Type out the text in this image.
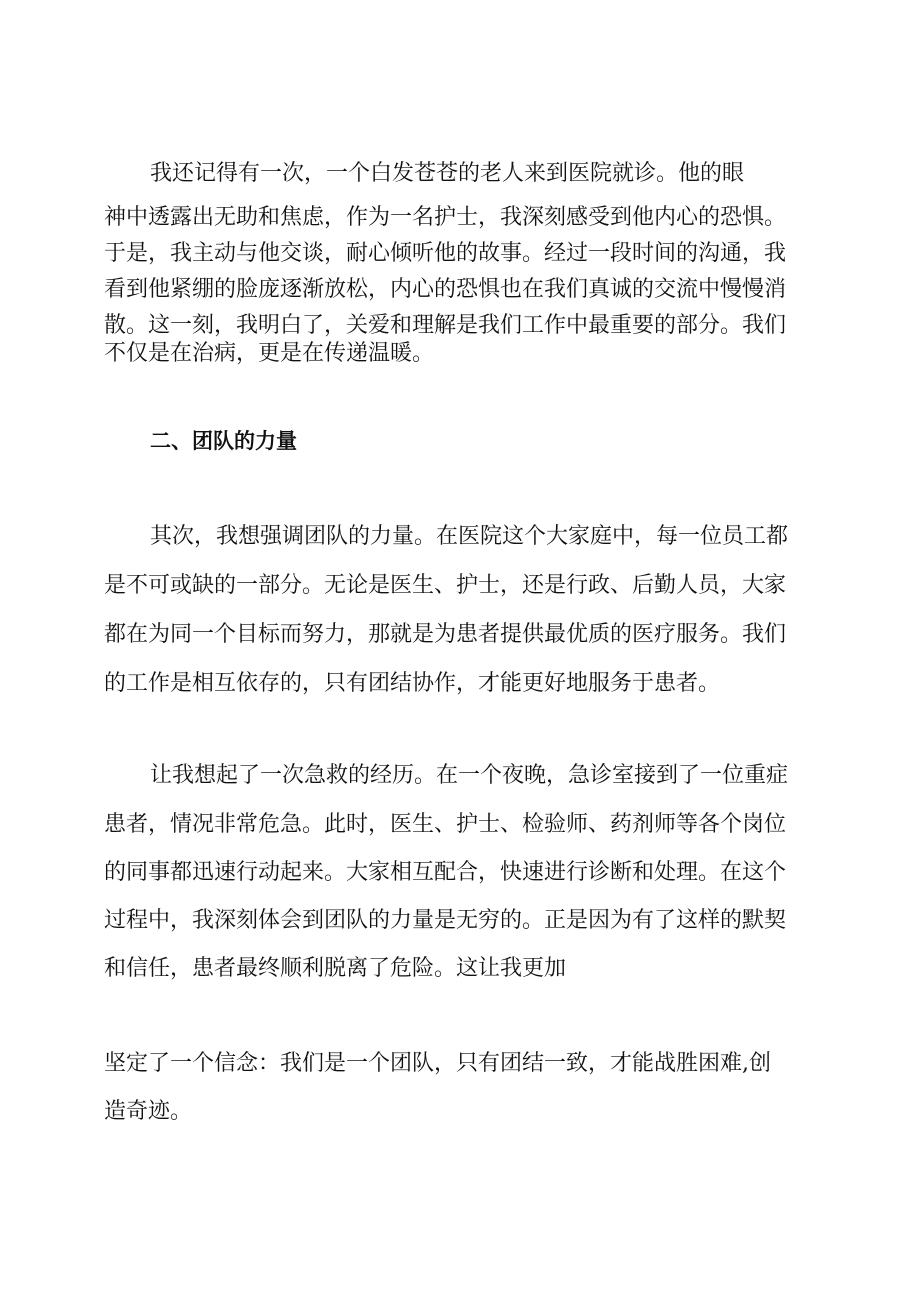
我还记得有一次，一个白发苍苍的老人来到医院就诊。他的眼
神中透露出无助和焦虑，作为一名护士，我深刻感受到他内心的恐惧。
于是，我主动与他交谈，耐心倾听他的故事。经过一段时间的沟通，我
看到他紧绷的脸庞逐渐放松，内心的恐惧也在我们真诚的交流中慢慢消
散。这一刻，我明白了，关爱和理解是我们工作中最重要的部分。我们
不仅是在治病，更是在传递温暖。
二、团队的力量
其次，我想强调团队的力量。在医院这个大家庭中，每一位员工都
是不可或缺的一部分。无论是医生、护士，还是行政、后勤人员，大家
都在为同一个目标而努力，那就是为患者提供最优质的医疗服务。我们
的工作是相互依存的，只有团结协作，才能更好地服务于患者。
让我想起了一次急救的经历。在一个夜晚，急诊室接到了一位重症
患者，情况非常危急。此时，医生、护士、检验师、药剂师等各个岗位
的同事都迅速行动起来。大家相互配合，快速进行诊断和处理。在这个
过程中，我深刻体会到团队的力量是无穷的。正是因为有了这样的默契
和信任，患者最终顺利脱离了危险。这让我更加
坚定了一个信念：我们是一个团队，只有团结一致，才能战胜困难,创
造奇迹。
